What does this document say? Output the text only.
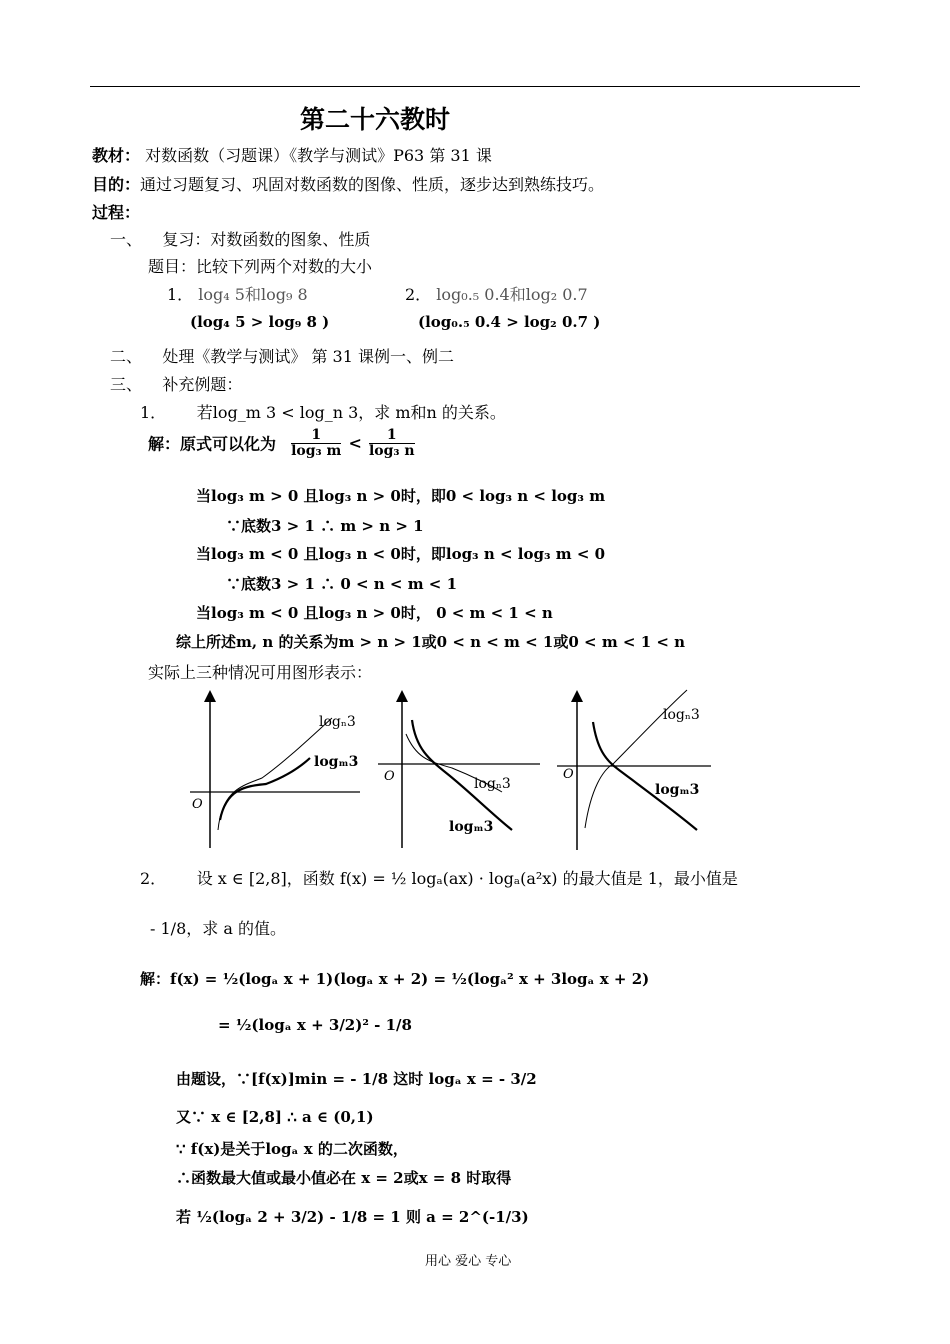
第二十六教时
教材： 对数函数（习题课）《教学与测试》P63 第 31 课
目的：通过习题复习、巩固对数函数的图像、性质，逐步达到熟练技巧。
过程：
一、 复习：对数函数的图象、性质
题目：比较下列两个对数的大小
1． log₄ 5和log₉ 8	2． log₀.₅ 0.4和log₂ 0.7
(log₄ 5 > log₉ 8 )	(log₀.₅ 0.4 > log₂ 0.7 )
二、 处理《教学与测试》 第 31 课例一、例二
三、 补充例题：
1． 若log_m 3 < log_n 3，求 m和n 的关系。
解：原式可以化为 $\frac{1}{\text{log₃ m}} < \frac{1}{\text{log₃ n}}$
当log₃ m > 0 且log₃ n > 0时，即0 < log₃ n < log₃ m
∵底数3 > 1 ∴ m > n > 1
当log₃ m < 0 且log₃ n < 0时，即log₃ n < log₃ m < 0
∵底数3 > 1 ∴ 0 < n < m < 1
当log₃ m < 0 且log₃ n > 0时， 0 < m < 1 < n
综上所述m, n 的关系为m > n > 1或0 < n < m < 1或0 < m < 1 < n
实际上三种情况可用图形表示：
O
logₙ3
logₘ3
O	logₙ3
logₘ3
O
logₙ3
logₘ3
2． 设 x ∈ [2,8]，函数 f(x) = ½ logₐ(ax) · logₐ(a²x) 的最大值是 1，最小值是
- 1/8，求 a 的值。
解：f(x) = ½(logₐ x + 1)(logₐ x + 2) = ½(logₐ² x + 3logₐ x + 2)
= ½(logₐ x + 3/2)² - 1/8
由题设，∵[f(x)]min = - 1/8 这时 logₐ x = - 3/2
又∵ x ∈ [2,8] ∴ a ∈ (0,1)
∵ f(x)是关于logₐ x 的二次函数，
∴函数最大值或最小值必在 x = 2或x = 8 时取得
若 ½(logₐ 2 + 3/2) - 1/8 = 1 则 a = 2^(-1/3)
用心 爱心 专心
